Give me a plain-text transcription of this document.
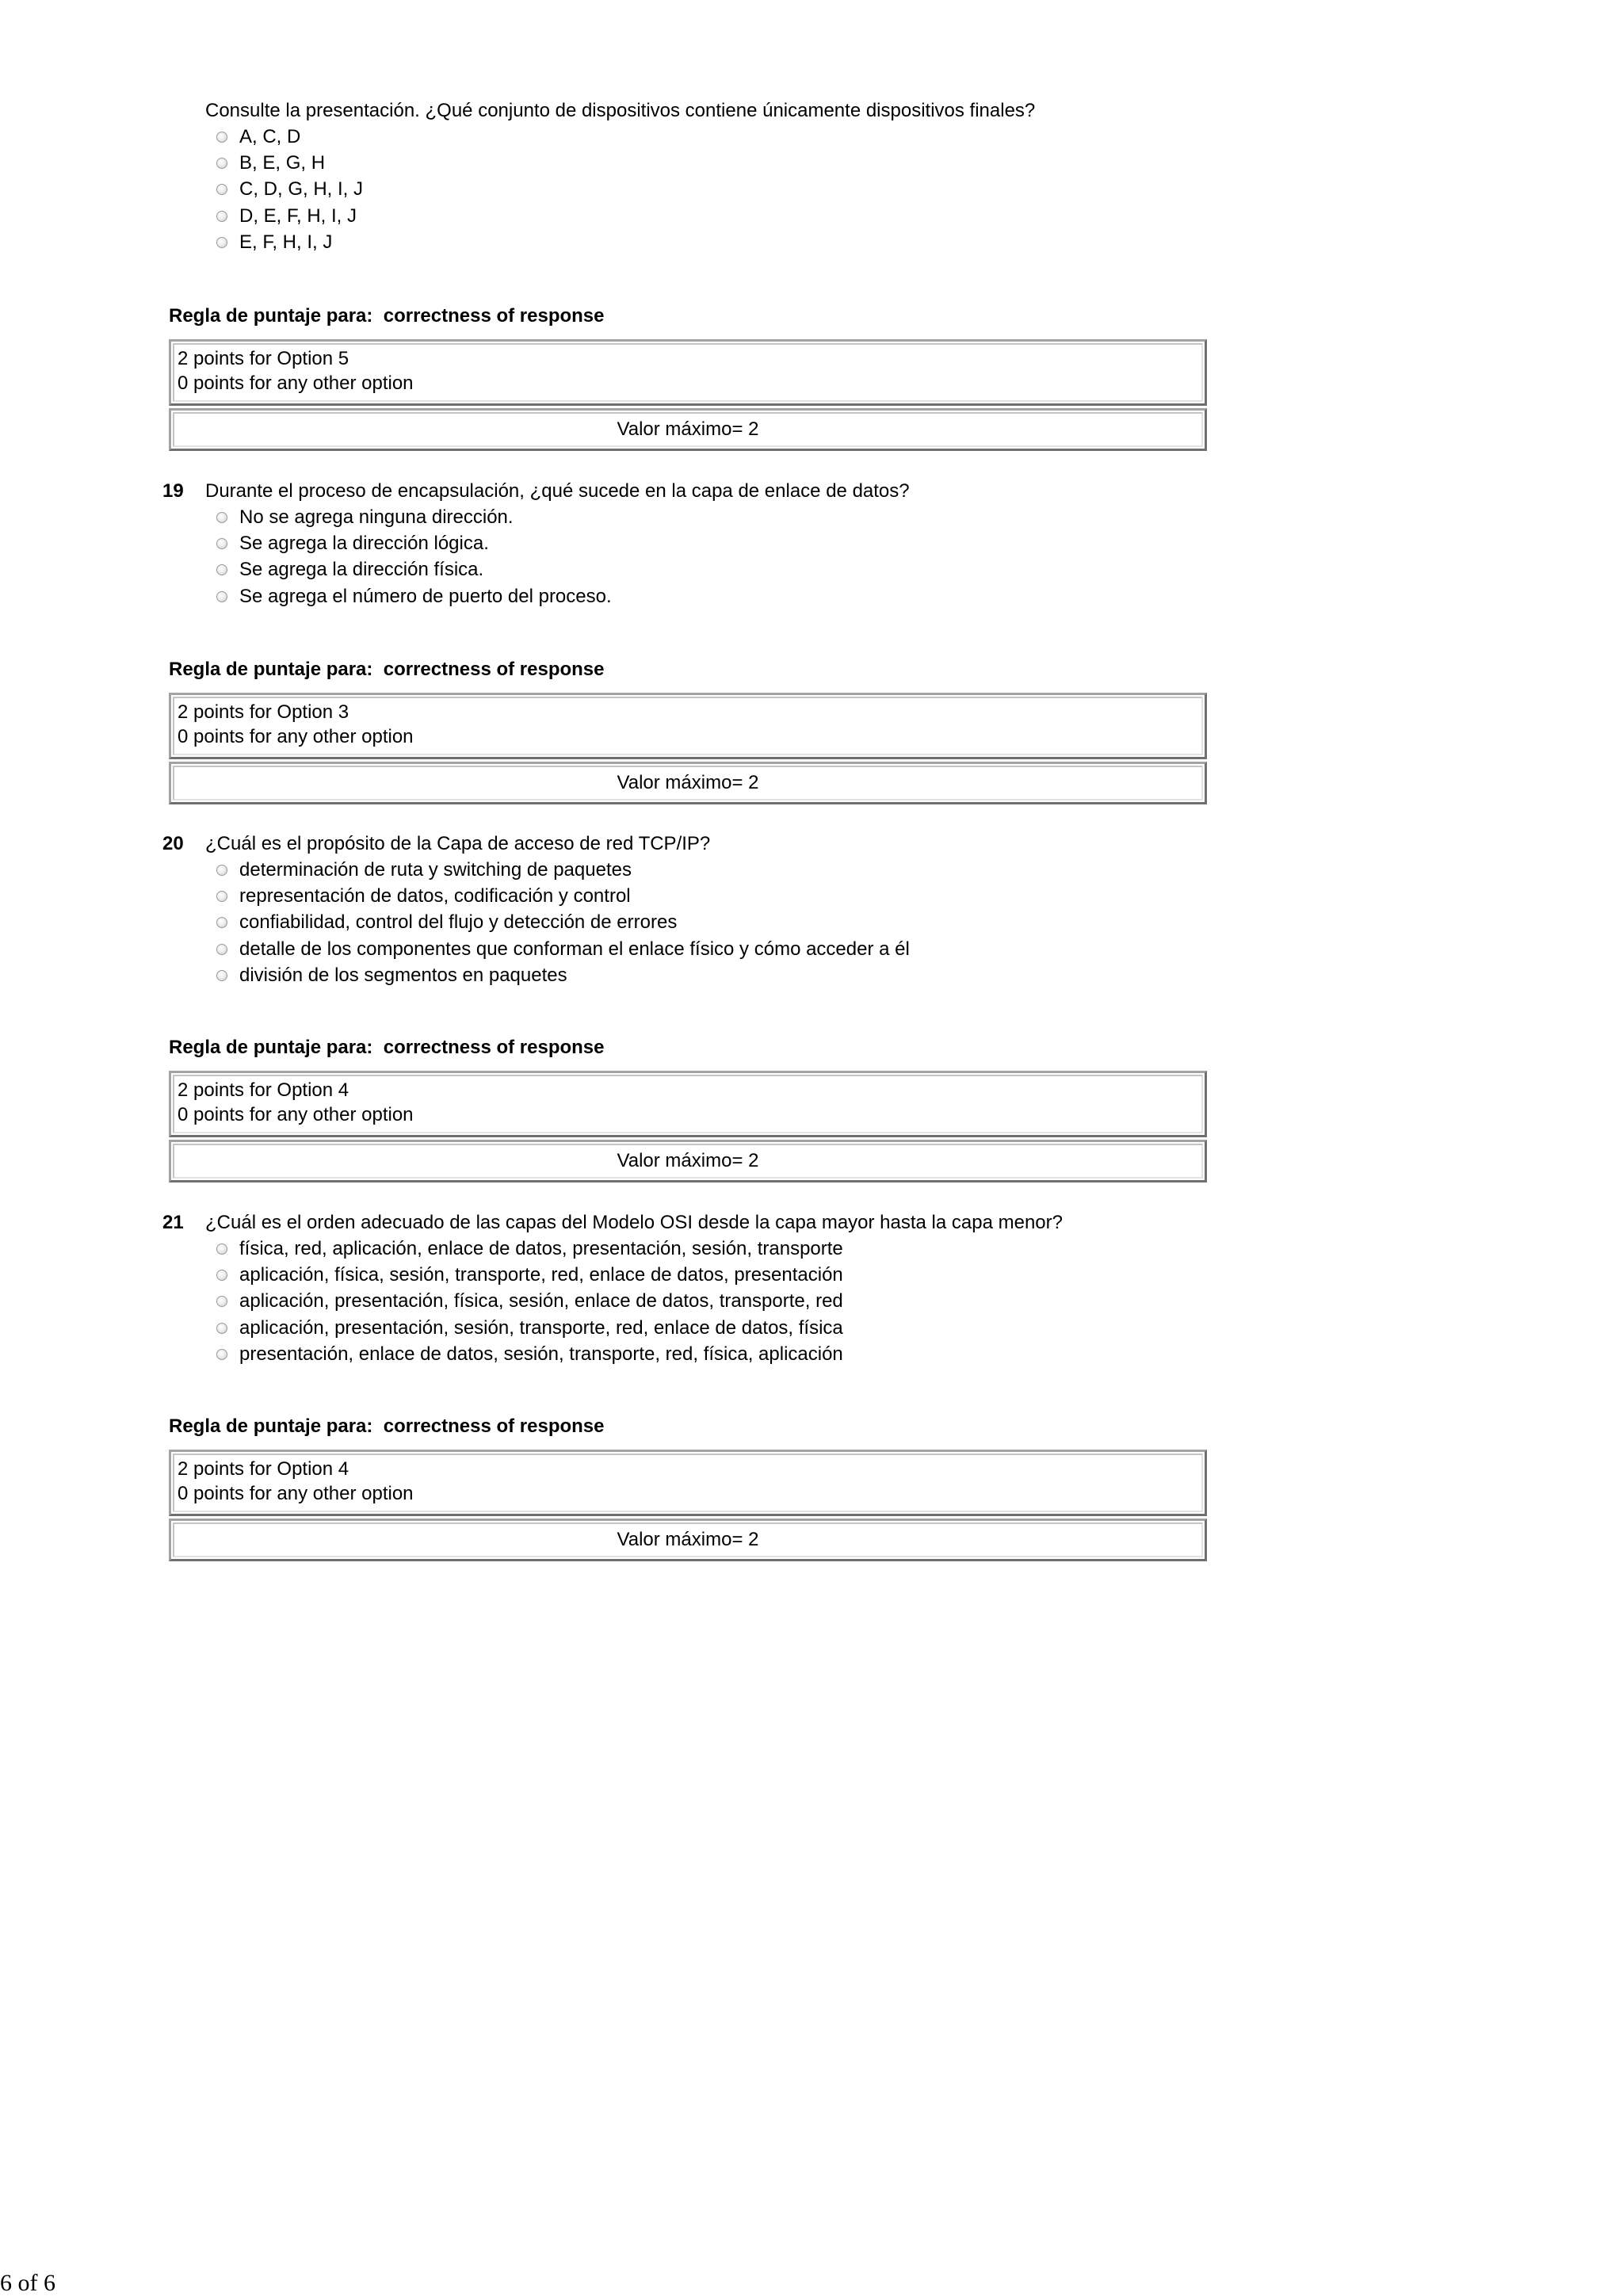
Consulte la presentación. ¿Qué conjunto de dispositivos contiene únicamente dispositivos finales?
A, C, D
B, E, G, H
C, D, G, H, I, J
D, E, F, H, I, J
E, F, H, I, J
Regla de puntaje para:  correctness of response
2 points for Option 5
0 points for any other option
Valor máximo= 2
19 Durante el proceso de encapsulación, ¿qué sucede en la capa de enlace de datos?
No se agrega ninguna dirección.
Se agrega la dirección lógica.
Se agrega la dirección física.
Se agrega el número de puerto del proceso.
Regla de puntaje para:  correctness of response
2 points for Option 3
0 points for any other option
Valor máximo= 2
20 ¿Cuál es el propósito de la Capa de acceso de red TCP/IP?
determinación de ruta y switching de paquetes
representación de datos, codificación y control
confiabilidad, control del flujo y detección de errores
detalle de los componentes que conforman el enlace físico y cómo acceder a él
división de los segmentos en paquetes
Regla de puntaje para:  correctness of response
2 points for Option 4
0 points for any other option
Valor máximo= 2
21 ¿Cuál es el orden adecuado de las capas del Modelo OSI desde la capa mayor hasta la capa menor?
física, red, aplicación, enlace de datos, presentación, sesión, transporte
aplicación, física, sesión, transporte, red, enlace de datos, presentación
aplicación, presentación, física, sesión, enlace de datos, transporte, red
aplicación, presentación, sesión, transporte, red, enlace de datos, física
presentación, enlace de datos, sesión, transporte, red, física, aplicación
Regla de puntaje para:  correctness of response
2 points for Option 4
0 points for any other option
Valor máximo= 2
6 of 6
